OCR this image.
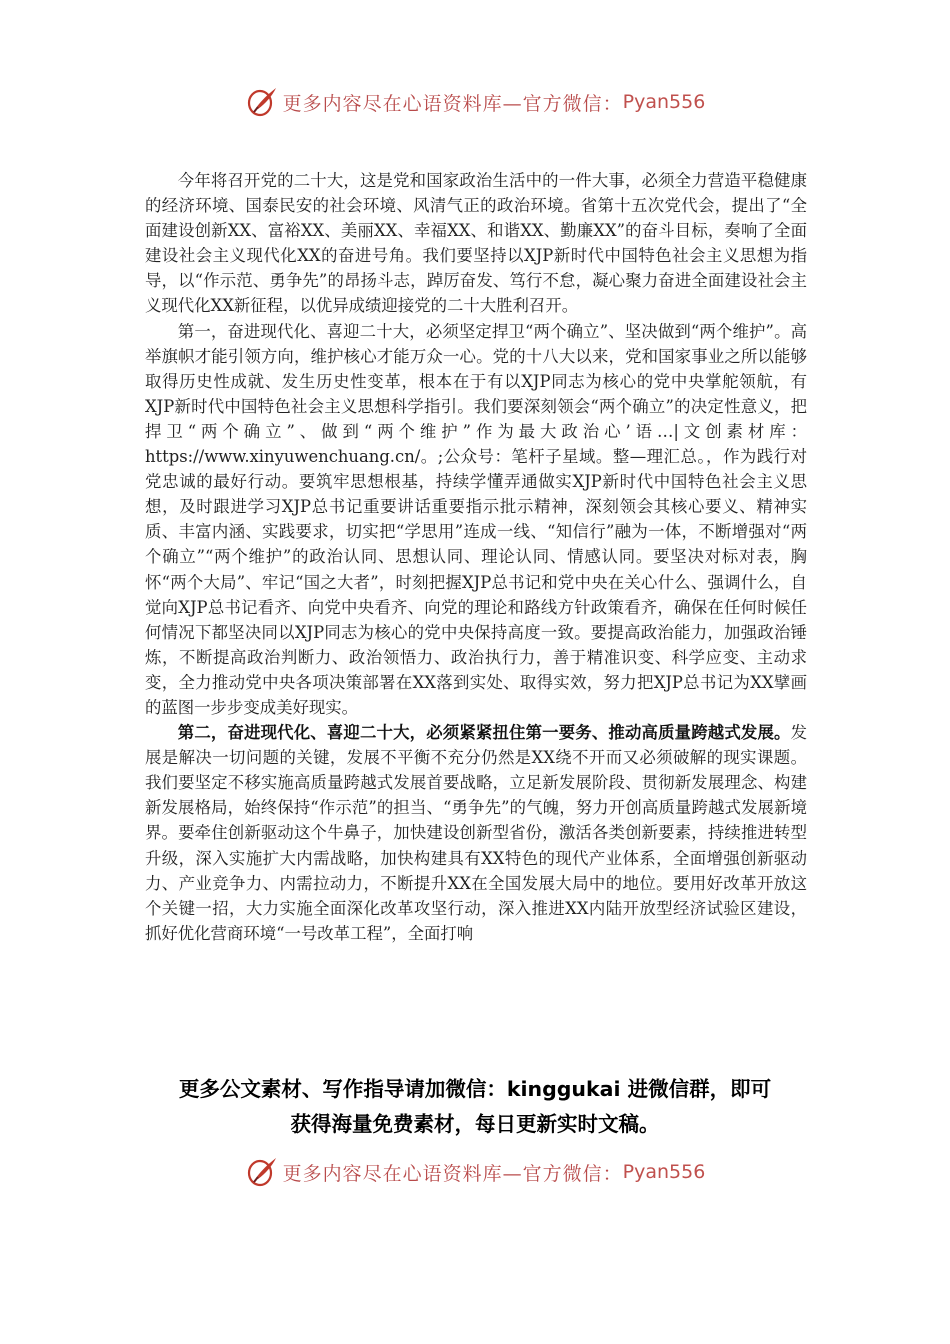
更多内容尽在心语资料库—官方微信： Pyan556

今年将召开党的二十大，这是党和国家政治生活中的一件大事，必须全力营造平稳健康的经济环境、国泰民安的社会环境、风清气正的政治环境。省第十五次党代会，提出了“全面建设创新XX、富裕XX、美丽XX、幸福XX、和谐XX、勤廉XX”的奋斗目标，奏响了全面建设社会主义现代化XX的奋进号角。我们要坚持以XJP新时代中国特色社会主义思想为指导，以“作示范、勇争先”的昂扬斗志，踔厉奋发、笃行不怠，凝心聚力奋进全面建设社会主义现代化XX新征程，以优异成绩迎接党的二十大胜利召开。

第一，奋进现代化、喜迎二十大，必须坚定捍卫“两个确立”、坚决做到“两个维护”。高举旗帜才能引领方向，维护核心才能万众一心。党的十八大以来，党和国家事业之所以能够取得历史性成就、发生历史性变革，根本在于有以XJP同志为核心的党中央掌舵领航，有XJP新时代中国特色社会主义思想科学指引。我们要深刻领会“两个确立”的决定性意义，把捍卫“两个确立”、做到“两个维护”作为最大政治心’语…|文创素材库：https://www.xinyuwenchuang.cn/。;公众号：笔杆子星域。整—理汇总。，作为践行对党忠诚的最好行动。要筑牢思想根基，持续学懂弄通做实XJP新时代中国特色社会主义思想，及时跟进学习XJP总书记重要讲话重要指示批示精神，深刻领会其核心要义、精神实质、丰富内涵、实践要求，切实把“学思用”连成一线、“知信行”融为一体，不断增强对“两个确立”“两个维护”的政治认同、思想认同、理论认同、情感认同。要坚决对标对表，胸怀“两个大局”、牢记“国之大者”，时刻把握XJP总书记和党中央在关心什么、强调什么，自觉向XJP总书记看齐、向党中央看齐、向党的理论和路线方针政策看齐，确保在任何时候任何情况下都坚决同以XJP同志为核心的党中央保持高度一致。要提高政治能力，加强政治锤炼，不断提高政治判断力、政治领悟力、政治执行力，善于精准识变、科学应变、主动求变，全力推动党中央各项决策部署在XX落到实处、取得实效，努力把XJP总书记为XX擘画的蓝图一步步变成美好现实。

第二，奋进现代化、喜迎二十大，必须紧紧扭住第一要务、推动高质量跨越式发展。发展是解决一切问题的关键，发展不平衡不充分仍然是XX绕不开而又必须破解的现实课题。我们要坚定不移实施高质量跨越式发展首要战略，立足新发展阶段、贯彻新发展理念、构建新发展格局，始终保持“作示范”的担当、“勇争先”的气魄，努力开创高质量跨越式发展新境界。要牵住创新驱动这个牛鼻子，加快建设创新型省份，激活各类创新要素，持续推进转型升级，深入实施扩大内需战略，加快构建具有XX特色的现代产业体系，全面增强创新驱动力、产业竞争力、内需拉动力，不断提升XX在全国发展大局中的地位。要用好改革开放这个关键一招，大力实施全面深化改革攻坚行动，深入推进XX内陆开放型经济试验区建设，抓好优化营商环境“一号改革工程”，全面打响

更多公文素材、写作指导请加微信：kinggukai 进微信群，即可
获得海量免费素材，每日更新实时文稿。
更多内容尽在心语资料库—官方微信： Pyan556
